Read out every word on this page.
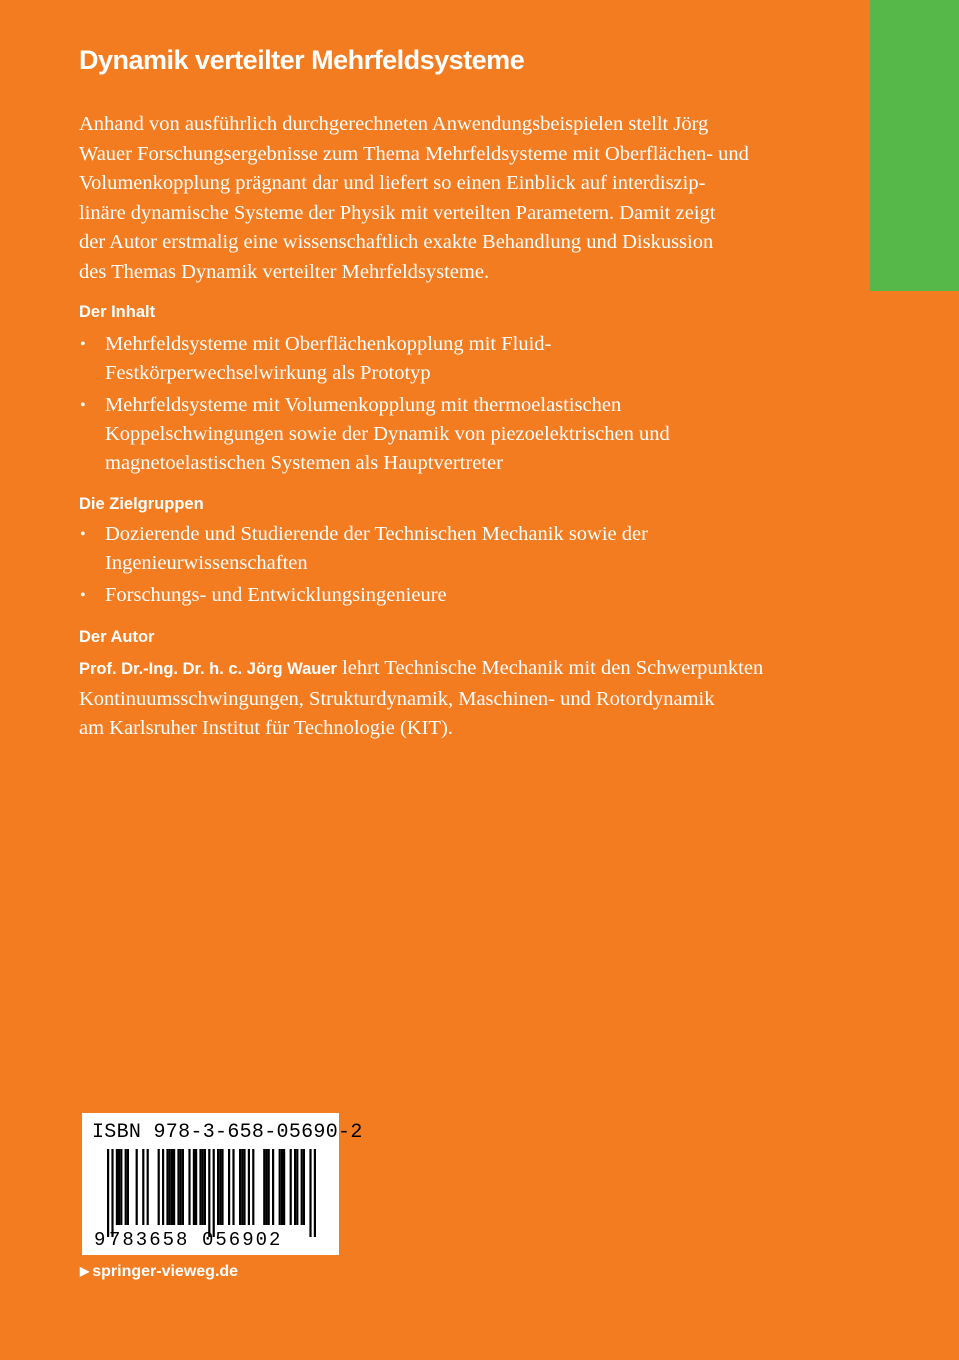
Dynamik verteilter Mehrfeldsysteme

Anhand von ausführlich durchgerechneten Anwendungsbeispielen stellt Jörg
Wauer Forschungsergebnisse zum Thema Mehrfeldsysteme mit Oberflächen- und
Volumenkopplung prägnant dar und liefert so einen Einblick auf interdiszip-
linäre dynamische Systeme der Physik mit verteilten Parametern. Damit zeigt
der Autor erstmalig eine wissenschaftlich exakte Behandlung und Diskussion
des Themas Dynamik verteilter Mehrfeldsysteme.

Der Inhalt
• Mehrfeldsysteme mit Oberflächenkopplung mit Fluid-
Festkörperwechselwirkung als Prototyp
• Mehrfeldsysteme mit Volumenkopplung mit thermoelastischen
Koppelschwingungen sowie der Dynamik von piezoelektrischen und
magnetoelastischen Systemen als Hauptvertreter
Die Zielgruppen
• Dozierende und Studierende der Technischen Mechanik sowie der
Ingenieurwissenschaften
• Forschungs- und Entwicklungsingenieure
Der Autor

Prof. Dr.-Ing. Dr. h. c. Jörg Wauer lehrt Technische Mechanik mit den Schwerpunkten
Kontinuumsschwingungen, Strukturdynamik, Maschinen- und Rotordynamik
am Karlsruher Institut für Technologie (KIT).

ISBN 978-3-658-05690-2

9 783658 056902

▶ springer-vieweg.de
